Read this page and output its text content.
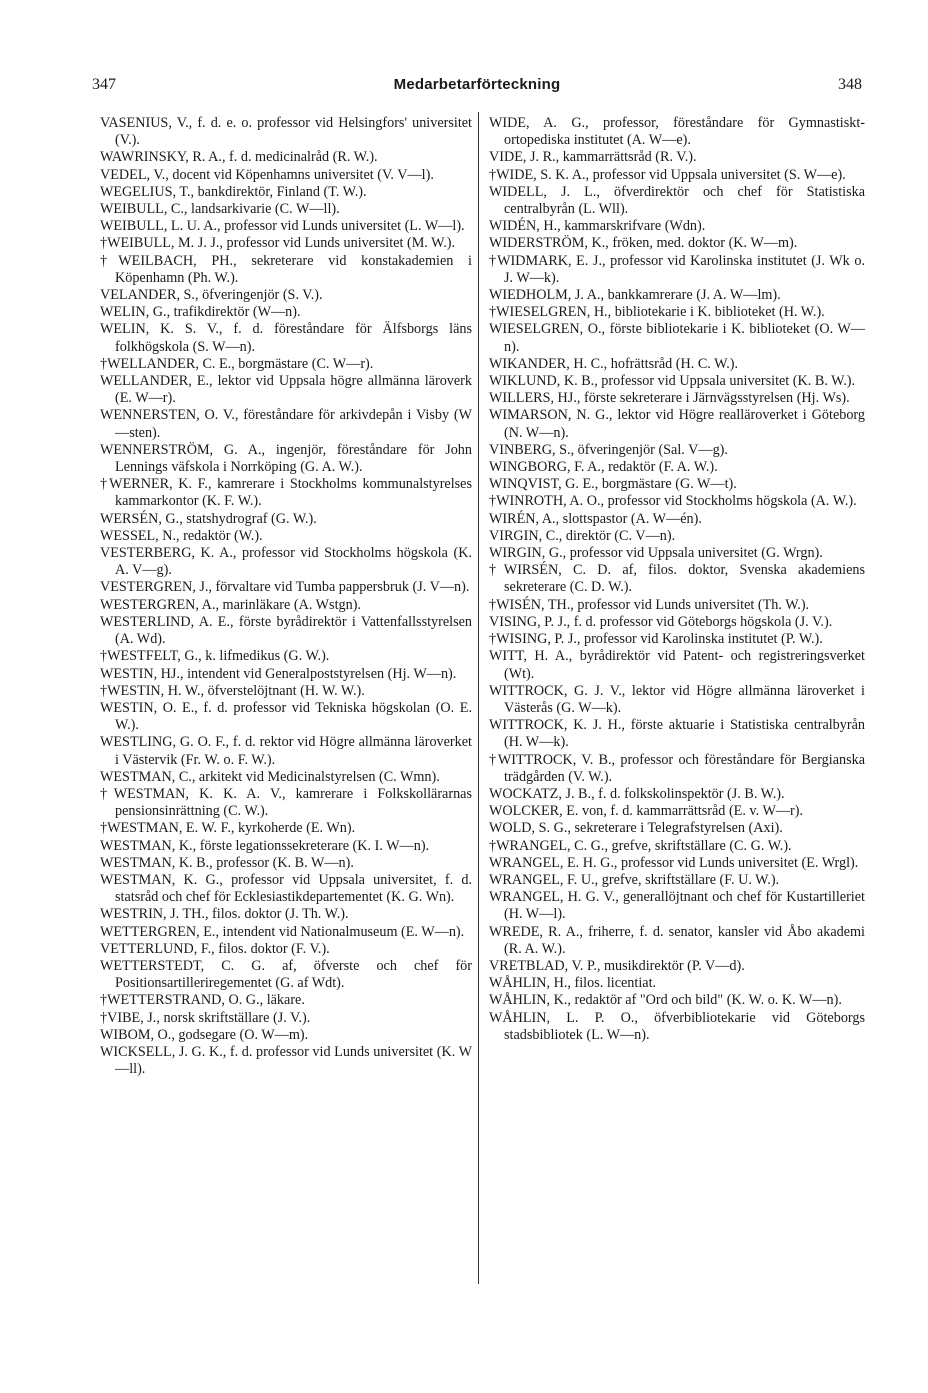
347	Medarbetarförteckning	348
VASENIUS, V., f. d. e. o. professor vid Helsingfors' universitet (V.).
WAWRINSKY, R. A., f. d. medicinalråd (R. W.).
VEDEL, V., docent vid Köpenhamns universitet (V. V—l).
WEGELIUS, T., bankdirektör, Finland (T. W.).
WEIBULL, C., landsarkivarie (C. W—ll).
WEIBULL, L. U. A., professor vid Lunds universitet (L. W—l).
†WEIBULL, M. J. J., professor vid Lunds universitet (M. W.).
†WEILBACH, PH., sekreterare vid konstakademien i Köpenhamn (Ph. W.).
VELANDER, S., öfveringenjör (S. V.).
WELIN, G., trafikdirektör (W—n).
WELIN, K. S. V., f. d. föreståndare för Älfsborgs läns folkhögskola (S. W—n).
†WELLANDER, C. E., borgmästare (C. W—r).
WELLANDER, E., lektor vid Uppsala högre allmänna läroverk (E. W—r).
WENNERSTEN, O. V., föreståndare för arkivdepån i Visby (W—sten).
WENNERSTRÖM, G. A., ingenjör, föreståndare för John Lennings väfskola i Norrköping (G. A. W.).
†WERNER, K. F., kamrerare i Stockholms kommunalstyrelses kammarkontor (K. F. W.).
WERSÉN, G., statshydrograf (G. W.).
WESSEL, N., redaktör (W.).
VESTERBERG, K. A., professor vid Stockholms högskola (K. A. V—g).
VESTERGREN, J., förvaltare vid Tumba pappersbruk (J. V—n).
WESTERGREN, A., marinläkare (A. Wstgn).
WESTERLIND, A. E., förste byrådirektör i Vattenfallsstyrelsen (A. Wd).
†WESTFELT, G., k. lifmedikus (G. W.).
WESTIN, HJ., intendent vid Generalpoststyrelsen (Hj. W—n).
†WESTIN, H. W., öfverstelöjtnant (H. W. W.).
WESTIN, O. E., f. d. professor vid Tekniska högskolan (O. E. W.).
WESTLING, G. O. F., f. d. rektor vid Högre allmänna läroverket i Västervik (Fr. W. o. F. W.).
WESTMAN, C., arkitekt vid Medicinalstyrelsen (C. Wmn).
†WESTMAN, K. K. A. V., kamrerare i Folkskollärarnas pensionsinrättning (C. W.).
†WESTMAN, E. W. F., kyrkoherde (E. Wn).
WESTMAN, K., förste legationssekreterare (K. I. W—n).
WESTMAN, K. B., professor (K. B. W—n).
WESTMAN, K. G., professor vid Uppsala universitet, f. d. statsråd och chef för Ecklesiastikdepartementet (K. G. Wn).
WESTRIN, J. TH., filos. doktor (J. Th. W.).
WETTERGREN, E., intendent vid Nationalmuseum (E. W—n).
VETTERLUND, F., filos. doktor (F. V.).
WETTERSTEDT, C. G. af, öfverste och chef för Positionsartilleriregementet (G. af Wdt).
†WETTERSTRAND, O. G., läkare.
†VIBE, J., norsk skriftställare (J. V.).
WIBOM, O., godsegare (O. W—m).
WICKSELL, J. G. K., f. d. professor vid Lunds universitet (K. W—ll).
WIDE, A. G., professor, föreståndare för Gymnastiskt-ortopediska institutet (A. W—e).
VIDE, J. R., kammarrättsråd (R. V.).
†WIDE, S. K. A., professor vid Uppsala universitet (S. W—e).
WIDELL, J. L., öfverdirektör och chef för Statistiska centralbyrån (L. Wll).
WIDÉN, H., kammarskrifvare (Wdn).
WIDERSTRÖM, K., fröken, med. doktor (K. W—m).
†WIDMARK, E. J., professor vid Karolinska institutet (J. Wk o. J. W—k).
WIEDHOLM, J. A., bankkamrerare (J. A. W—lm).
†WIESELGREN, H., bibliotekarie i K. biblioteket (H. W.).
WIESELGREN, O., förste bibliotekarie i K. biblioteket (O. W—n).
WIKANDER, H. C., hofrättsråd (H. C. W.).
WIKLUND, K. B., professor vid Uppsala universitet (K. B. W.).
WILLERS, HJ., förste sekreterare i Järnvägsstyrelsen (Hj. Ws).
WIMARSON, N. G., lektor vid Högre realläroverket i Göteborg (N. W—n).
VINBERG, S., öfveringenjör (Sal. V—g).
WINGBORG, F. A., redaktör (F. A. W.).
WINQVIST, G. E., borgmästare (G. W—t).
†WINROTH, A. O., professor vid Stockholms högskola (A. W.).
WIRÉN, A., slottspastor (A. W—én).
VIRGIN, C., direktör (C. V—n).
WIRGIN, G., professor vid Uppsala universitet (G. Wrgn).
†WIRSÉN, C. D. af, filos. doktor, Svenska akademiens sekreterare (C. D. W.).
†WISÉN, TH., professor vid Lunds universitet (Th. W.).
VISING, P. J., f. d. professor vid Göteborgs högskola (J. V.).
†WISING, P. J., professor vid Karolinska institutet (P. W.).
WITT, H. A., byrådirektör vid Patent- och registreringsverket (Wt).
WITTROCK, G. J. V., lektor vid Högre allmänna läroverket i Västerås (G. W—k).
WITTROCK, K. J. H., förste aktuarie i Statistiska centralbyrån (H. W—k).
†WITTROCK, V. B., professor och föreståndare för Bergianska trädgården (V. W.).
WOCKATZ, J. B., f. d. folkskolinspektör (J. B. W.).
WOLCKER, E. von, f. d. kammarrättsråd (E. v. W—r).
WOLD, S. G., sekreterare i Telegrafstyrelsen (Axi).
†WRANGEL, C. G., grefve, skriftställare (C. G. W.).
WRANGEL, E. H. G., professor vid Lunds universitet (E. Wrgl).
WRANGEL, F. U., grefve, skriftställare (F. U. W.).
WRANGEL, H. G. V., generallöjtnant och chef för Kustartilleriet (H. W—l).
WREDE, R. A., friherre, f. d. senator, kansler vid Åbo akademi (R. A. W.).
VRETBLAD, V. P., musikdirektör (P. V—d).
WÅHLIN, H., filos. licentiat.
WÅHLIN, K., redaktör af "Ord och bild" (K. W. o. K. W—n).
WÅHLIN, L. P. O., öfverbibliotekarie vid Göteborgs stadsbibliotek (L. W—n).
